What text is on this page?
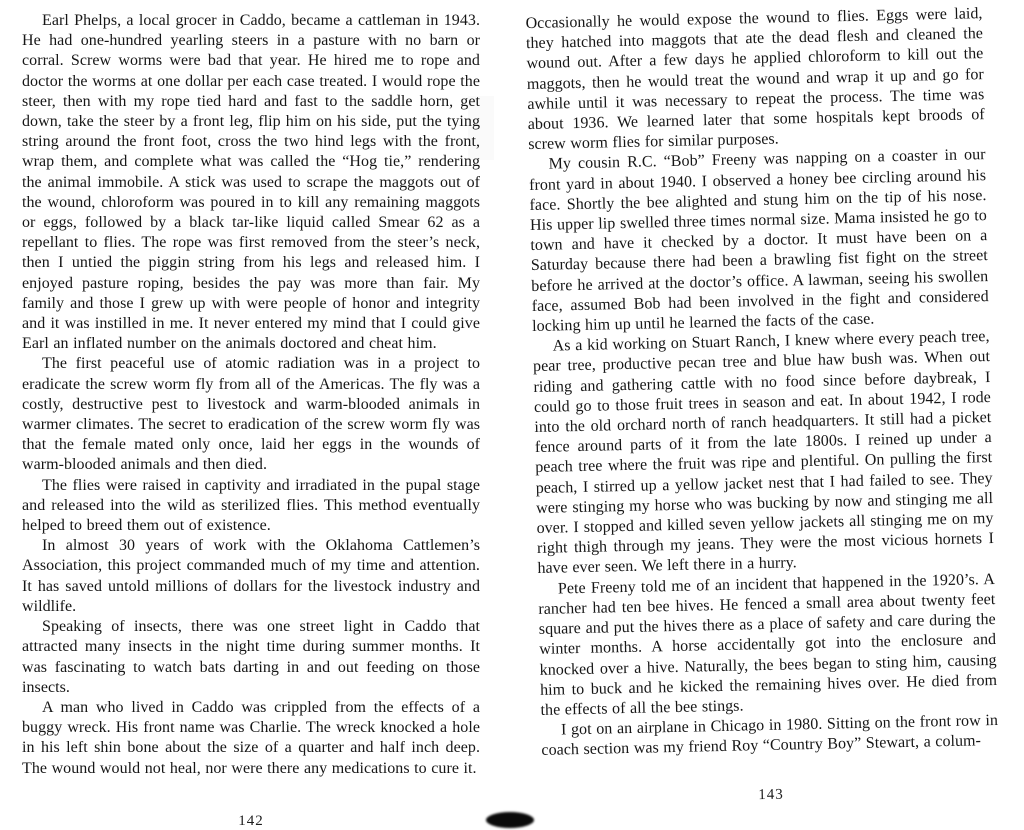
Earl Phelps, a local grocer in Caddo, became a cattleman in 1943. He had one-hundred yearling steers in a pasture with no barn or corral. Screw worms were bad that year. He hired me to rope and doctor the worms at one dollar per each case treated. I would rope the steer, then with my rope tied hard and fast to the saddle horn, get down, take the steer by a front leg, flip him on his side, put the tying string around the front foot, cross the two hind legs with the front, wrap them, and complete what was called the “Hog tie,” rendering the animal immobile. A stick was used to scrape the maggots out of the wound, chloroform was poured in to kill any remaining maggots or eggs, followed by a black tar-like liquid called Smear 62 as a repellant to flies. The rope was first removed from the steer’s neck, then I untied the piggin string from his legs and released him. I enjoyed pasture roping, besides the pay was more than fair. My family and those I grew up with were people of honor and integrity and it was instilled in me. It never entered my mind that I could give Earl an inflated number on the animals doctored and cheat him.

The first peaceful use of atomic radiation was in a project to eradicate the screw worm fly from all of the Americas. The fly was a costly, destructive pest to livestock and warm-blooded animals in warmer climates. The secret to eradication of the screw worm fly was that the female mated only once, laid her eggs in the wounds of warm-blooded animals and then died.

The flies were raised in captivity and irradiated in the pupal stage and released into the wild as sterilized flies. This method eventually helped to breed them out of existence.

In almost 30 years of work with the Oklahoma Cattlemen’s Association, this project commanded much of my time and attention. It has saved untold millions of dollars for the livestock industry and wildlife.

Speaking of insects, there was one street light in Caddo that attracted many insects in the night time during summer months. It was fascinating to watch bats darting in and out feeding on those insects.

A man who lived in Caddo was crippled from the effects of a buggy wreck. His front name was Charlie. The wreck knocked a hole in his left shin bone about the size of a quarter and half inch deep. The wound would not heal, nor were there any medications to cure it.

142

Occasionally he would expose the wound to flies. Eggs were laid, they hatched into maggots that ate the dead flesh and cleaned the wound out. After a few days he applied chloroform to kill out the maggots, then he would treat the wound and wrap it up and go for awhile until it was necessary to repeat the process. The time was about 1936. We learned later that some hospitals kept broods of screw worm flies for similar purposes.

My cousin R.C. “Bob” Freeny was napping on a coaster in our front yard in about 1940. I observed a honey bee circling around his face. Shortly the bee alighted and stung him on the tip of his nose. His upper lip swelled three times normal size. Mama insisted he go to town and have it checked by a doctor. It must have been on a Saturday because there had been a brawling fist fight on the street before he arrived at the doctor’s office. A lawman, seeing his swollen face, assumed Bob had been involved in the fight and considered locking him up until he learned the facts of the case.

As a kid working on Stuart Ranch, I knew where every peach tree, pear tree, productive pecan tree and blue haw bush was. When out riding and gathering cattle with no food since before daybreak, I could go to those fruit trees in season and eat. In about 1942, I rode into the old orchard north of ranch headquarters. It still had a picket fence around parts of it from the late 1800s. I reined up under a peach tree where the fruit was ripe and plentiful. On pulling the first peach, I stirred up a yellow jacket nest that I had failed to see. They were stinging my horse who was bucking by now and stinging me all over. I stopped and killed seven yellow jackets all stinging me on my right thigh through my jeans. They were the most vicious hornets I have ever seen. We left there in a hurry.

Pete Freeny told me of an incident that happened in the 1920’s. A rancher had ten bee hives. He fenced a small area about twenty feet square and put the hives there as a place of safety and care during the winter months. A horse accidentally got into the enclosure and knocked over a hive. Naturally, the bees began to sting him, causing him to buck and he kicked the remaining hives over. He died from the effects of all the bee stings.

I got on an airplane in Chicago in 1980. Sitting on the front row in coach section was my friend Roy “Country Boy” Stewart, a colum-

143
